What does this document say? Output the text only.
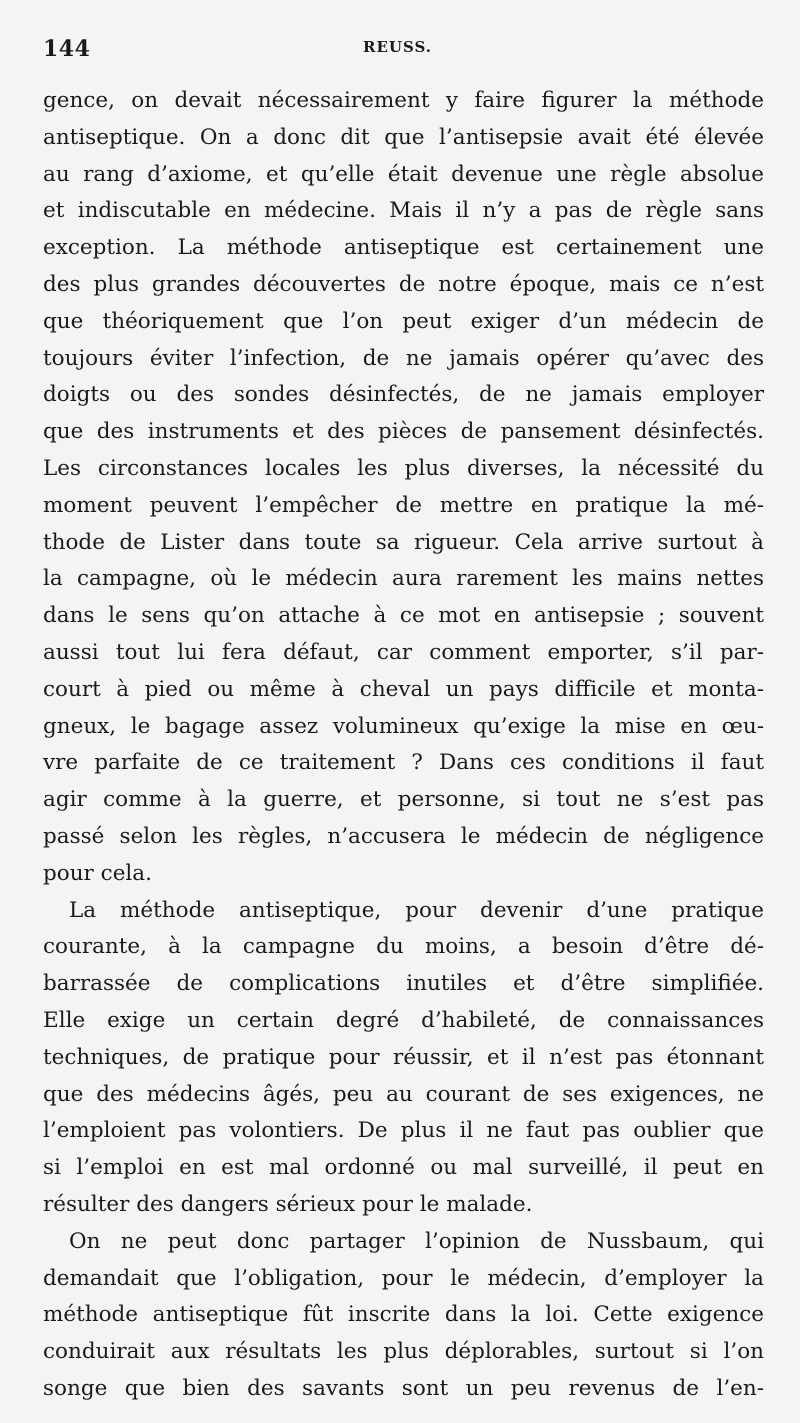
144	REUSS.
gence, on devait nécessairement y faire figurer la méthode
antiseptique. On a donc dit que l’antisepsie avait été élevée
au rang d’axiome, et qu’elle était devenue une règle absolue
et indiscutable en médecine. Mais il n’y a pas de règle sans
exception. La méthode antiseptique est certainement une
des plus grandes découvertes de notre époque, mais ce n’est
que théoriquement que l’on peut exiger d’un médecin de
toujours éviter l’infection, de ne jamais opérer qu’avec des
doigts ou des sondes désinfectés, de ne jamais employer
que des instruments et des pièces de pansement désinfectés.
Les circonstances locales les plus diverses, la nécessité du
moment peuvent l’empêcher de mettre en pratique la mé-
thode de Lister dans toute sa rigueur. Cela arrive surtout à
la campagne, où le médecin aura rarement les mains nettes
dans le sens qu’on attache à ce mot en antisepsie ; souvent
aussi tout lui fera défaut, car comment emporter, s’il par-
court à pied ou même à cheval un pays difficile et monta-
gneux, le bagage assez volumineux qu’exige la mise en œu-
vre parfaite de ce traitement ? Dans ces conditions il faut
agir comme à la guerre, et personne, si tout ne s’est pas
passé selon les règles, n’accusera le médecin de négligence
pour cela.
La méthode antiseptique, pour devenir d’une pratique
courante, à la campagne du moins, a besoin d’être dé-
barrassée de complications inutiles et d’être simplifiée.
Elle exige un certain degré d’habileté, de connaissances
techniques, de pratique pour réussir, et il n’est pas étonnant
que des médecins âgés, peu au courant de ses exigences, ne
l’emploient pas volontiers. De plus il ne faut pas oublier que
si l’emploi en est mal ordonné ou mal surveillé, il peut en
résulter des dangers sérieux pour le malade.
On ne peut donc partager l’opinion de Nussbaum, qui
demandait que l’obligation, pour le médecin, d’employer la
méthode antiseptique fût inscrite dans la loi. Cette exigence
conduirait aux résultats les plus déplorables, surtout si l’on
songe que bien des savants sont un peu revenus de l’en-
